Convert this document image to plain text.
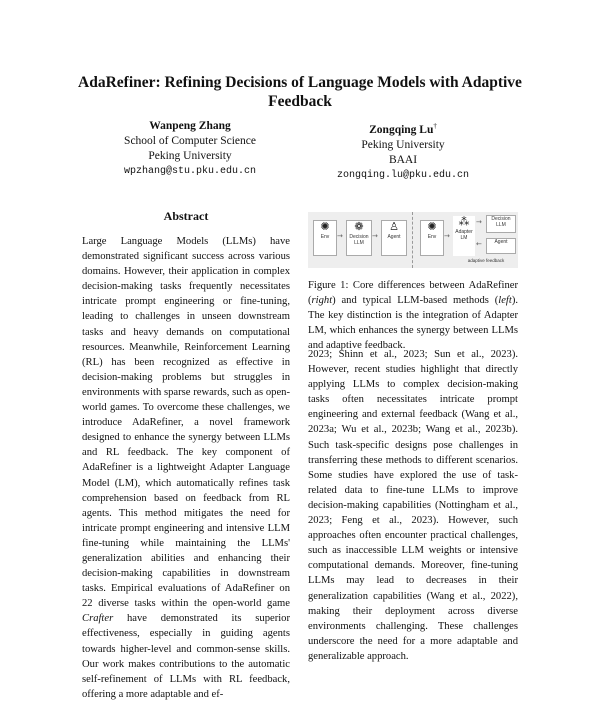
AdaRefiner: Refining Decisions of Language Models with Adaptive Feedback
Wanpeng Zhang
School of Computer Science
Peking University
wpzhang@stu.pku.edu.cn
Zongqing Lu†
Peking University
BAAI
zongqing.lu@pku.edu.cn
Abstract
Large Language Models (LLMs) have demonstrated significant success across various domains. However, their application in complex decision-making tasks frequently necessitates intricate prompt engineering or fine-tuning, leading to challenges in unseen downstream tasks and heavy demands on computational resources. Meanwhile, Reinforcement Learning (RL) has been recognized as effective in decision-making problems but struggles in environments with sparse rewards, such as open-world games. To overcome these challenges, we introduce AdaRefiner, a novel framework designed to enhance the synergy between LLMs and RL feedback. The key component of AdaRefiner is a lightweight Adapter Language Model (LM), which automatically refines task comprehension based on feedback from RL agents. This method mitigates the need for intricate prompt engineering and intensive LLM fine-tuning while maintaining the LLMs' generalization abilities and enhancing their decision-making capabilities in downstream tasks. Empirical evaluations of AdaRefiner on 22 diverse tasks within the open-world game Crafter have demonstrated its superior effectiveness, especially in guiding agents towards higher-level and common-sense skills. Our work makes contributions to the automatic self-refinement of LLMs with RL feedback, offering a more adaptable and ef-
✺
Env	→
❁
Decision LLM
→
♙
Agent
✺
Env	→
⁂
Adapter LM
→	Decision LLM
Agent
←
adaptive feedback
Figure 1: Core differences between AdaRefiner (right) and typical LLM-based methods (left). The key distinction is the integration of Adapter LM, which enhances the synergy between LLMs and adaptive feedback.
2023; Shinn et al., 2023; Sun et al., 2023). However, recent studies highlight that directly applying LLMs to complex decision-making tasks often necessitates intricate prompt engineering and external feedback (Wang et al., 2023a; Wu et al., 2023b; Wang et al., 2023b). Such task-specific designs pose challenges in transferring these methods to different scenarios. Some studies have explored the use of task-related data to fine-tune LLMs to improve decision-making capabilities (Nottingham et al., 2023; Feng et al., 2023). However, such approaches often encounter practical challenges, such as inaccessible LLM weights or intensive computational demands. Moreover, fine-tuning LLMs may lead to decreases in their generalization capabilities (Wang et al., 2022), making their deployment across diverse environments challenging. These challenges underscore the need for a more adaptable and generalizable approach.
